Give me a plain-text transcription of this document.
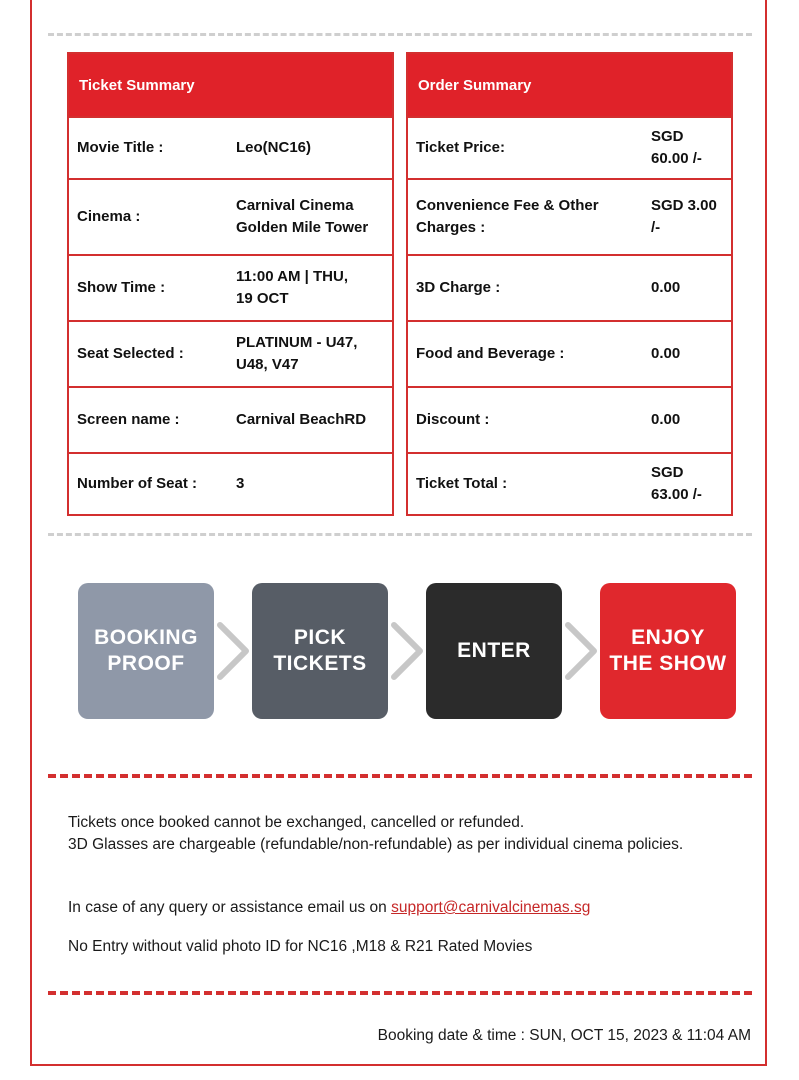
Ticket Summary	
Movie Title :	Leo(NC16)
Cinema :	Carnival Cinema
Golden Mile Tower
Show Time :	11:00 AM | THU,
19 OCT
Seat Selected :	PLATINUM - U47,
U48, V47
Screen name :	Carnival BeachRD
Number of Seat :	3
Order Summary	
Ticket Price:	SGD
60.00 /-
Convenience Fee & Other
Charges :	SGD 3.00
/-
3D Charge :	0.00
Food and Beverage :	0.00
Discount :	0.00
Ticket Total :	SGD
63.00 /-
BOOKING
PROOF
PICK
TICKETS
ENTER
ENJOY
THE SHOW
Tickets once booked cannot be exchanged, cancelled or refunded.
3D Glasses are chargeable (refundable/non-refundable) as per individual cinema policies.
In case of any query or assistance email us on support@carnivalcinemas.sg
No Entry without valid photo ID for NC16 ,M18 & R21 Rated Movies
Booking date & time : SUN, OCT 15, 2023 & 11:04 AM
